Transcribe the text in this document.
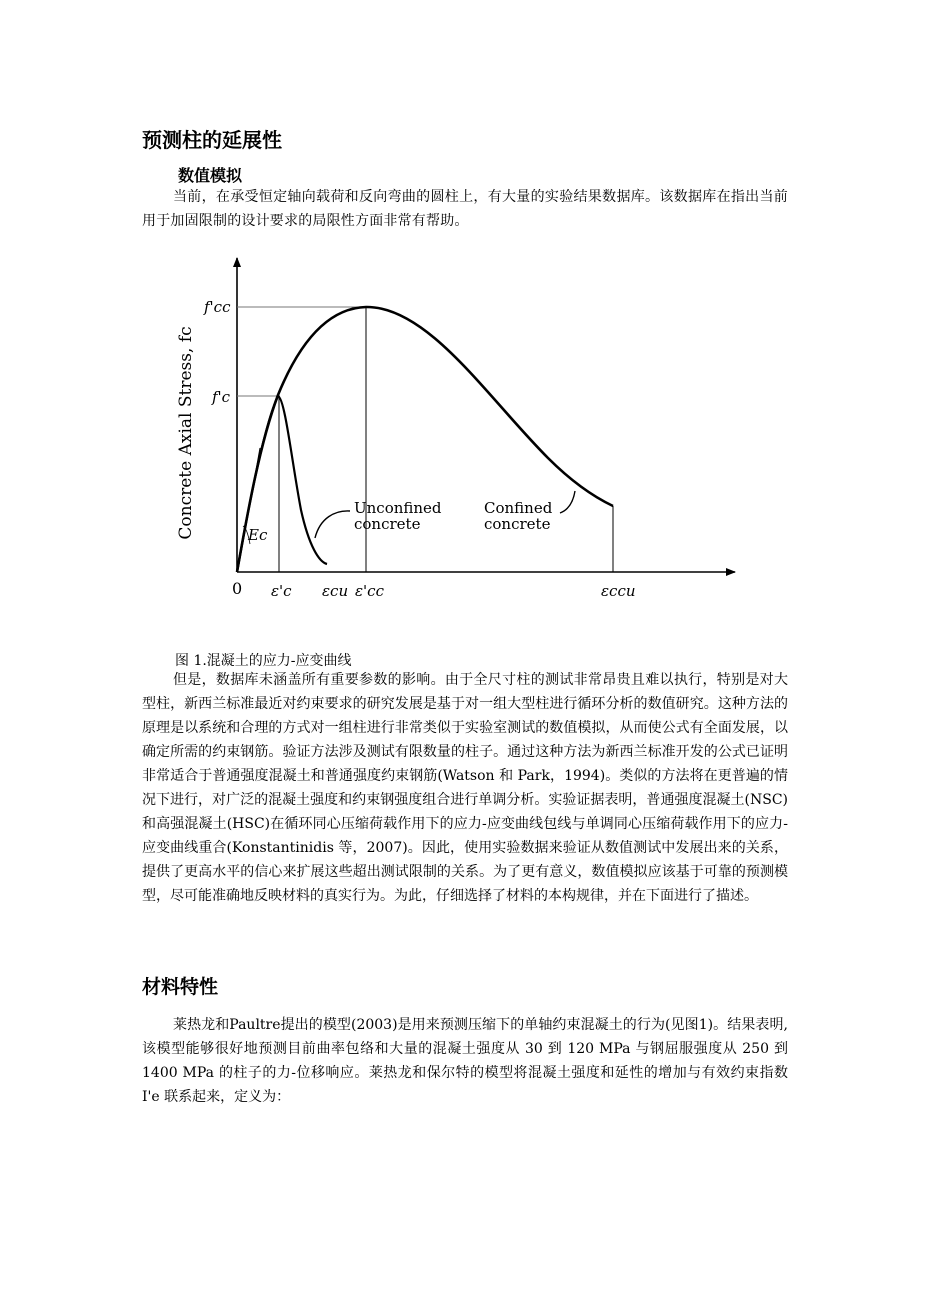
预测柱的延展性
数值模拟
当前，在承受恒定轴向载荷和反向弯曲的圆柱上，有大量的实验结果数据库。该数据库在指出当前用于加固限制的设计要求的局限性方面非常有帮助。
Concrete Axial Stress, fc
f'cc
f'c
Ec
Unconfined
concrete
Confined
concrete
0 ε'c εcu ε'cc	εccu
图 1.混凝土的应力-应变曲线
但是，数据库未涵盖所有重要参数的影响。由于全尺寸柱的测试非常昂贵且难以执行，特别是对大型柱，新西兰标准最近对约束要求的研究发展是基于对一组大型柱进行循环分析的数值研究。这种方法的原理是以系统和合理的方式对一组柱进行非常类似于实验室测试的数值模拟，从而使公式有全面发展，以确定所需的约束钢筋。验证方法涉及测试有限数量的柱子。通过这种方法为新西兰标准开发的公式已证明非常适合于普通强度混凝土和普通强度约束钢筋(Watson 和 Park，1994)。类似的方法将在更普遍的情况下进行，对广泛的混凝土强度和约束钢强度组合进行单调分析。实验证据表明，普通强度混凝土(NSC)和高强混凝土(HSC)在循环同心压缩荷载作用下的应力-应变曲线包线与单调同心压缩荷载作用下的应力-应变曲线重合(Konstantinidis 等，2007)。因此，使用实验数据来验证从数值测试中发展出来的关系，提供了更高水平的信心来扩展这些超出测试限制的关系。为了更有意义，数值模拟应该基于可靠的预测模型，尽可能准确地反映材料的真实行为。为此，仔细选择了材料的本构规律，并在下面进行了描述。
材料特性
莱热龙和Paultre提出的模型(2003)是用来预测压缩下的单轴约束混凝土的行为(见图1)。结果表明,该模型能够很好地预测目前曲率包络和大量的混凝土强度从 30 到 120 MPa 与钢屈服强度从 250 到 1400 MPa 的柱子的力-位移响应。莱热龙和保尔特的模型将混凝土强度和延性的增加与有效约束指数 I'e 联系起来，定义为：
